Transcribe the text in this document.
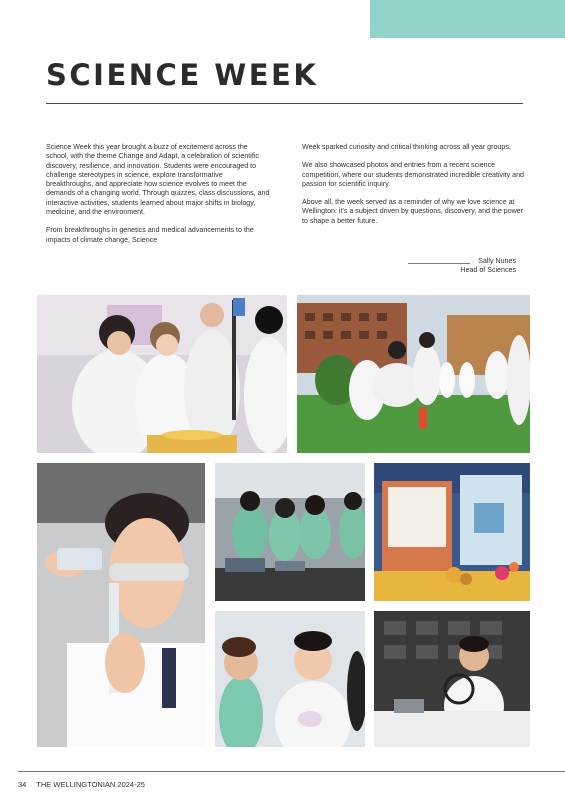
SCIENCE WEEK

Science Week this year brought a buzz of excitement across the school, with the theme Change and Adapt, a celebration of scientific discovery, resilience, and innovation. Students were encouraged to challenge stereotypes in science, explore transformative breakthroughs, and appreciate how science evolves to meet the demands of a changing world. Through quizzes, class discussions, and interactive activities, students learned about major shifts in biology, medicine, and the environment.

From breakthroughs in genetics and medical advancements to the impacts of climate change, Science

Week sparked curiosity and critical thinking across all year groups.

We also showcased photos and entries from a recent science competition, where our students demonstrated incredible creativity and passion for scientific inquiry.

Above all, the week served as a reminder of why we love science at Wellington: it's a subject driven by questions, discovery, and the power to shape a better future.

Sally Nunes
Head of Sciences
34 THE WELLINGTONIAN 2024-25
